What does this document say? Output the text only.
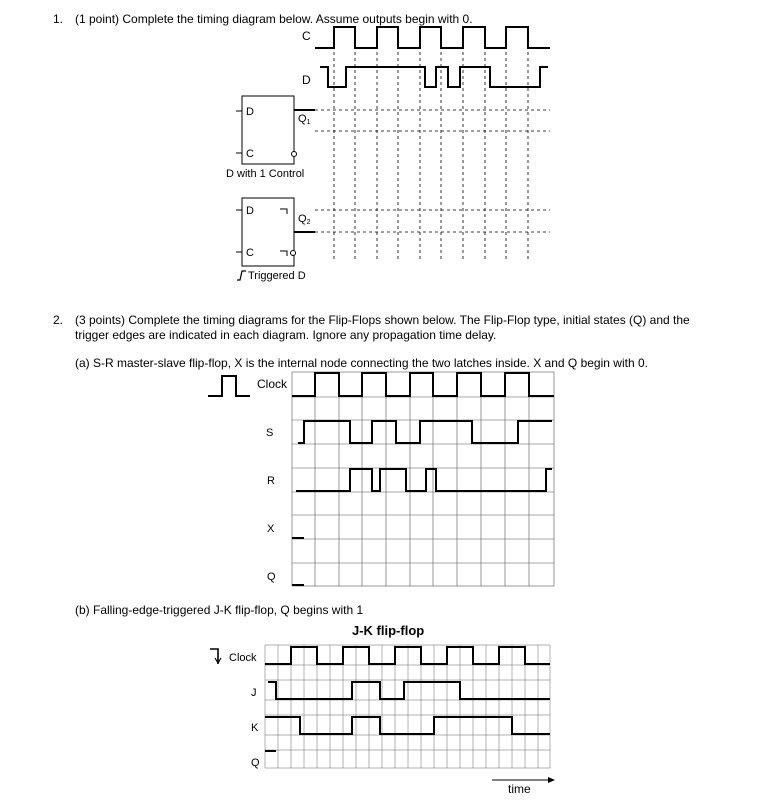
1. (1 point) Complete the timing diagram below. Assume outputs begin with 0.
2. (3 points) Complete the timing diagrams for the Flip-Flops shown below. The Flip-Flop type, initial states (Q) and the trigger edges are indicated in each diagram. Ignore any propagation time delay.
(a) S-R master-slave flip-flop, X is the internal node connecting the two latches inside. X and Q begin with 0.
(b) Falling-edge-triggered J-K flip-flop, Q begins with 1
J-K flip-flop
C
D
D
C
Q1
D with 1 Control
D
C
Q2
Triggered D
Clock
S
R
X
Q
Clock
J
K
Q
time
